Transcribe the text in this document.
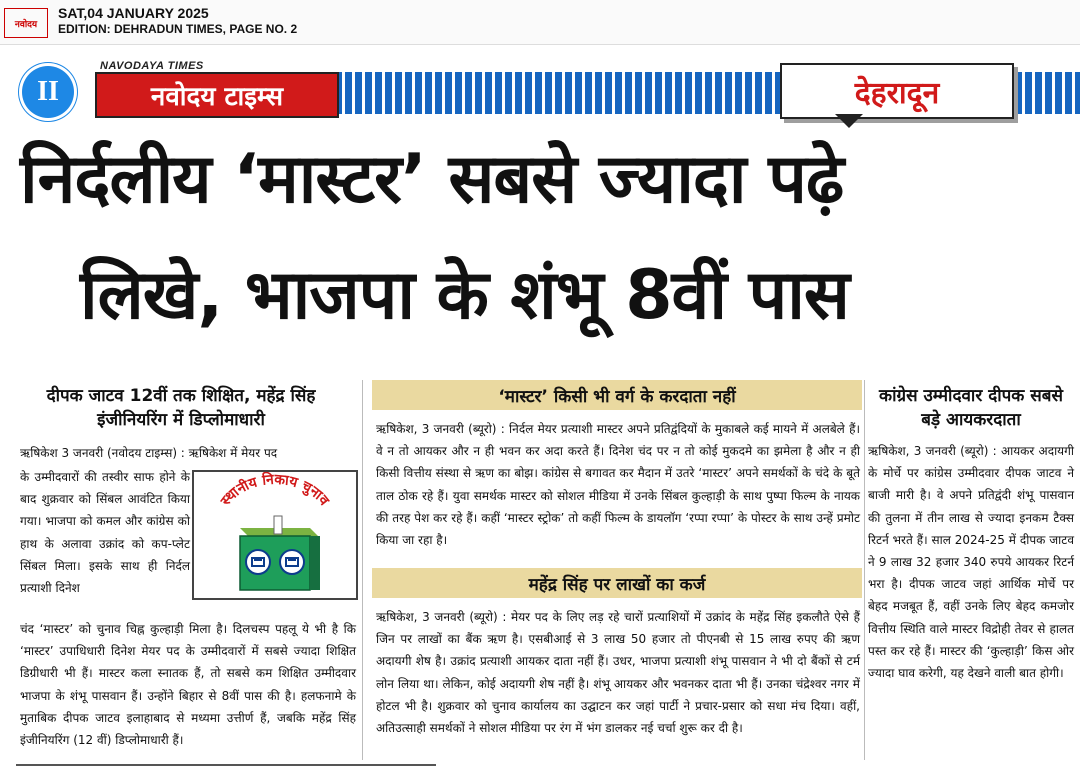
नवोदय
SAT,04 JANUARY 2025
EDITION: DEHRADUN TIMES, PAGE NO. 2
NAVODAYA TIMES
नवोदय टाइम्स
II	देहरादून
निर्दलीय ‘मास्टर’ सबसे ज्यादा पढ़े
लिखे, भाजपा के शंभू 8वीं पास
दीपक जाटव 12वीं तक शिक्षित, महेंद्र सिंह इंजीनियरिंग में डिप्लोमाधारी
ऋषिकेश 3 जनवरी (नवोदय टाइम्स) : ऋषिकेश में मेयर पद
के उम्मीदवारों की तस्वीर साफ होने के बाद शुक्रवार को सिंबल आवंटित किया गया। भाजपा को कमल और कांग्रेस को हाथ के अलावा उक्रांद को कप-प्लेट सिंबल मिला। इसके साथ ही निर्दल प्रत्याशी दिनेश
स्थानीय निकाय चुनाव
चंद ‘मास्टर’ को चुनाव चिह्न कुल्हाड़ी मिला है। दिलचस्प पहलू ये भी है कि ‘मास्टर’ उपाधिधारी दिनेश मेयर पद के उम्मीदवारों में सबसे ज्यादा शिक्षित डिग्रीधारी भी हैं। मास्टर कला स्नातक हैं, तो सबसे कम शिक्षित उम्मीदवार भाजपा के शंभू पासवान हैं। उन्होंने बिहार से 8वीं पास की है। हलफनामे के मुताबिक दीपक जाटव इलाहाबाद से मध्यमा उत्तीर्ण हैं, जबकि महेंद्र सिंह इंजीनियरिंग (12 वीं) डिप्लोमाधारी हैं।
‘मास्टर’ किसी भी वर्ग के करदाता नहीं
ऋषिकेश, 3 जनवरी (ब्यूरो) : निर्दल मेयर प्रत्याशी मास्टर अपने प्रतिद्वंदियों के मुकाबले कई मायने में अलबेले हैं। वे न तो आयकर और न ही भवन कर अदा करते हैं। दिनेश चंद पर न तो कोई मुकदमे का झमेला है और न ही किसी वित्तीय संस्था से ऋण का बोझ। कांग्रेस से बगावत कर मैदान में उतरे ‘मास्टर’ अपने समर्थकों के चंदे के बूते ताल ठोक रहे हैं। युवा समर्थक मास्टर को सोशल मीडिया में उनके सिंबल कुल्हाड़ी के साथ पुष्पा फिल्म के नायक की तरह पेश कर रहे हैं। कहीं ‘मास्टर स्ट्रोक’ तो कहीं फिल्म के डायलॉग ‘रप्पा रप्पा’ के पोस्टर के साथ उन्हें प्रमोट किया जा रहा है।
महेंद्र सिंह पर लाखों का कर्ज
ऋषिकेश, 3 जनवरी (ब्यूरो) : मेयर पद के लिए लड़ रहे चारों प्रत्याशियों में उक्रांद के महेंद्र सिंह इकलौते ऐसे हैं जिन पर लाखों का बैंक ऋण है। एसबीआई से 3 लाख 50 हजार तो पीएनबी से 15 लाख रुपए की ऋण अदायगी शेष है। उक्रांद प्रत्याशी आयकर दाता नहीं हैं। उधर, भाजपा प्रत्याशी शंभू पासवान ने भी दो बैंकों से टर्म लोन लिया था। लेकिन, कोई अदायगी शेष नहीं है। शंभू आयकर और भवनकर दाता भी हैं। उनका चंद्रेश्वर नगर में होटल भी है। शुक्रवार को चुनाव कार्यालय का उद्घाटन कर जहां पार्टी ने प्रचार-प्रसार को सधा मंच दिया। वहीं, अतिउत्साही समर्थकों ने सोशल मीडिया पर रंग में भंग डालकर नई चर्चा शुरू कर दी है।
कांग्रेस उम्मीदवार दीपक सबसे बड़े आयकरदाता
ऋषिकेश, 3 जनवरी (ब्यूरो) : आयकर अदायगी के मोर्चे पर कांग्रेस उम्मीदवार दीपक जाटव ने बाजी मारी है। वे अपने प्रतिद्वंदी शंभू पासवान की तुलना में तीन लाख से ज्यादा इनकम टैक्स रिटर्न भरते हैं। साल 2024-25 में दीपक जाटव ने 9 लाख 32 हजार 340 रुपये आयकर रिटर्न भरा है। दीपक जाटव जहां आर्थिक मोर्चे पर बेहद मजबूत हैं, वहीं उनके लिए बेहद कमजोर वित्तीय स्थिति वाले मास्टर विद्रोही तेवर से हालत पस्त कर रहे हैं। मास्टर की ‘कुल्हाड़ी’ किस ओर ज्यादा घाव करेगी, यह देखने वाली बात होगी।
